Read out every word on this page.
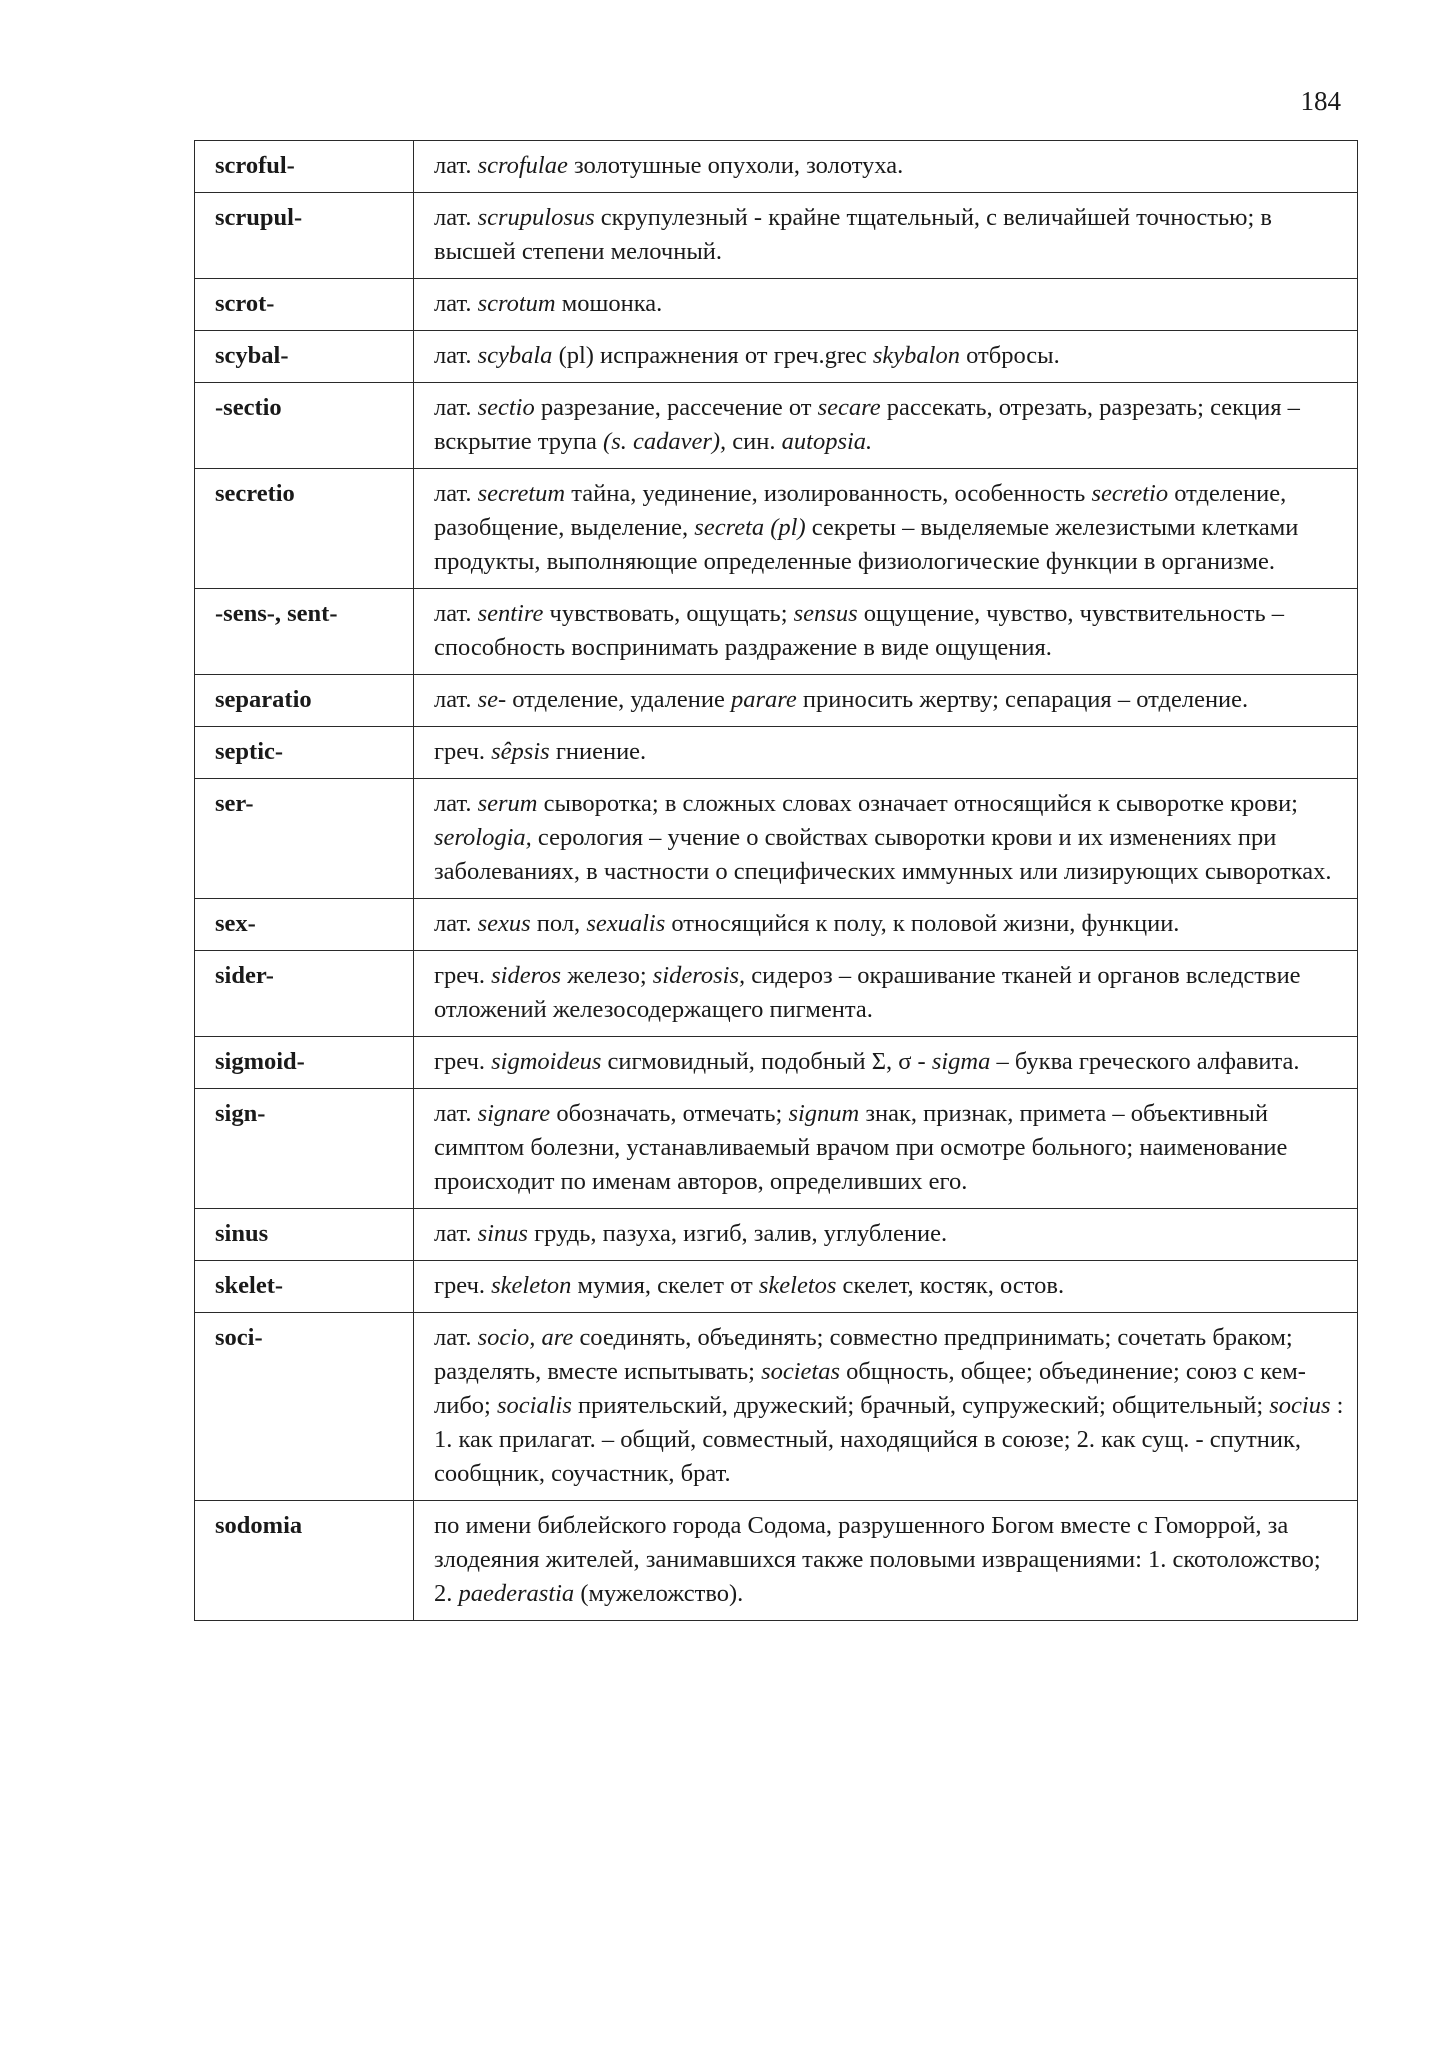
184
scroful-	лат. scrofulae золотушные опухоли, золотуха.
scrupul-	лат. scrupulosus скрупулезный - крайне тщательный, с величайшей точностью; в высшей степени мелочный.
scrot-	лат. scrotum мошонка.
scybal-	лат. scybala (pl) испражнения от греч.grec skybalon отбросы.
-sectio	лат. sectio разрезание, рассечение от secare рассекать, отрезать, разрезать; секция – вскрытие трупа (s. cadaver), син. autopsia.
secretio	лат. secretum тайна, уединение, изолированность, особенность secretio отделение, разобщение, выделение, secreta (pl) секреты – выделяемые железистыми клетками продукты, выполняющие определенные физиологические функции в организме.
-sens-, sent-	лат. sentire чувствовать, ощущать; sensus ощущение, чувство, чувствительность – способность воспринимать раздражение в виде ощущения.
separatio	лат. se- отделение, удаление parare приносить жертву; сепарация – отделение.
septic-	греч. sêpsis гниение.
ser-	лат. serum сыворотка; в сложных словах означает относящийся к сыворотке крови; serologia, серология – учение о свойствах сыворотки крови и их изменениях при заболеваниях, в частности о специфических иммунных или лизирующих сыворотках.
sex-	лат. sexus пол, sexualis относящийся к полу, к половой жизни, функции.
sider-	греч. sideros железо; siderosis, сидероз – окрашивание тканей и органов вследствие отложений железосодержащего пигмента.
sigmoid-	греч. sigmoideus сигмовидный, подобный Σ, σ - sigma – буква греческого алфавита.
sign-	лат. signare обозначать, отмечать; signum знак, признак, примета – объективный симптом болезни, устанавливаемый врачом при осмотре больного; наименование происходит по именам авторов, определивших его.
sinus	лат. sinus грудь, пазуха, изгиб, залив, углубление.
skelet-	греч. skeleton мумия, скелет от skeletos скелет, костяк, остов.
soci-	лат. socio, are соединять, объединять; совместно предпринимать; сочетать браком; разделять, вместе испытывать; societas общность, общее; объединение; союз с кем-либо; socialis приятельский, дружеский; брачный, супружеский; общительный; socius : 1. как прилагат. – общий, совместный, находящийся в союзе; 2. как сущ. - спутник, сообщник, соучастник, брат.
sodomia	по имени библейского города Содома, разрушенного Богом вместе с Гоморрой, за злодеяния жителей, занимавшихся также половыми извращениями: 1. скотоложство; 2. paederastia (мужеложство).
